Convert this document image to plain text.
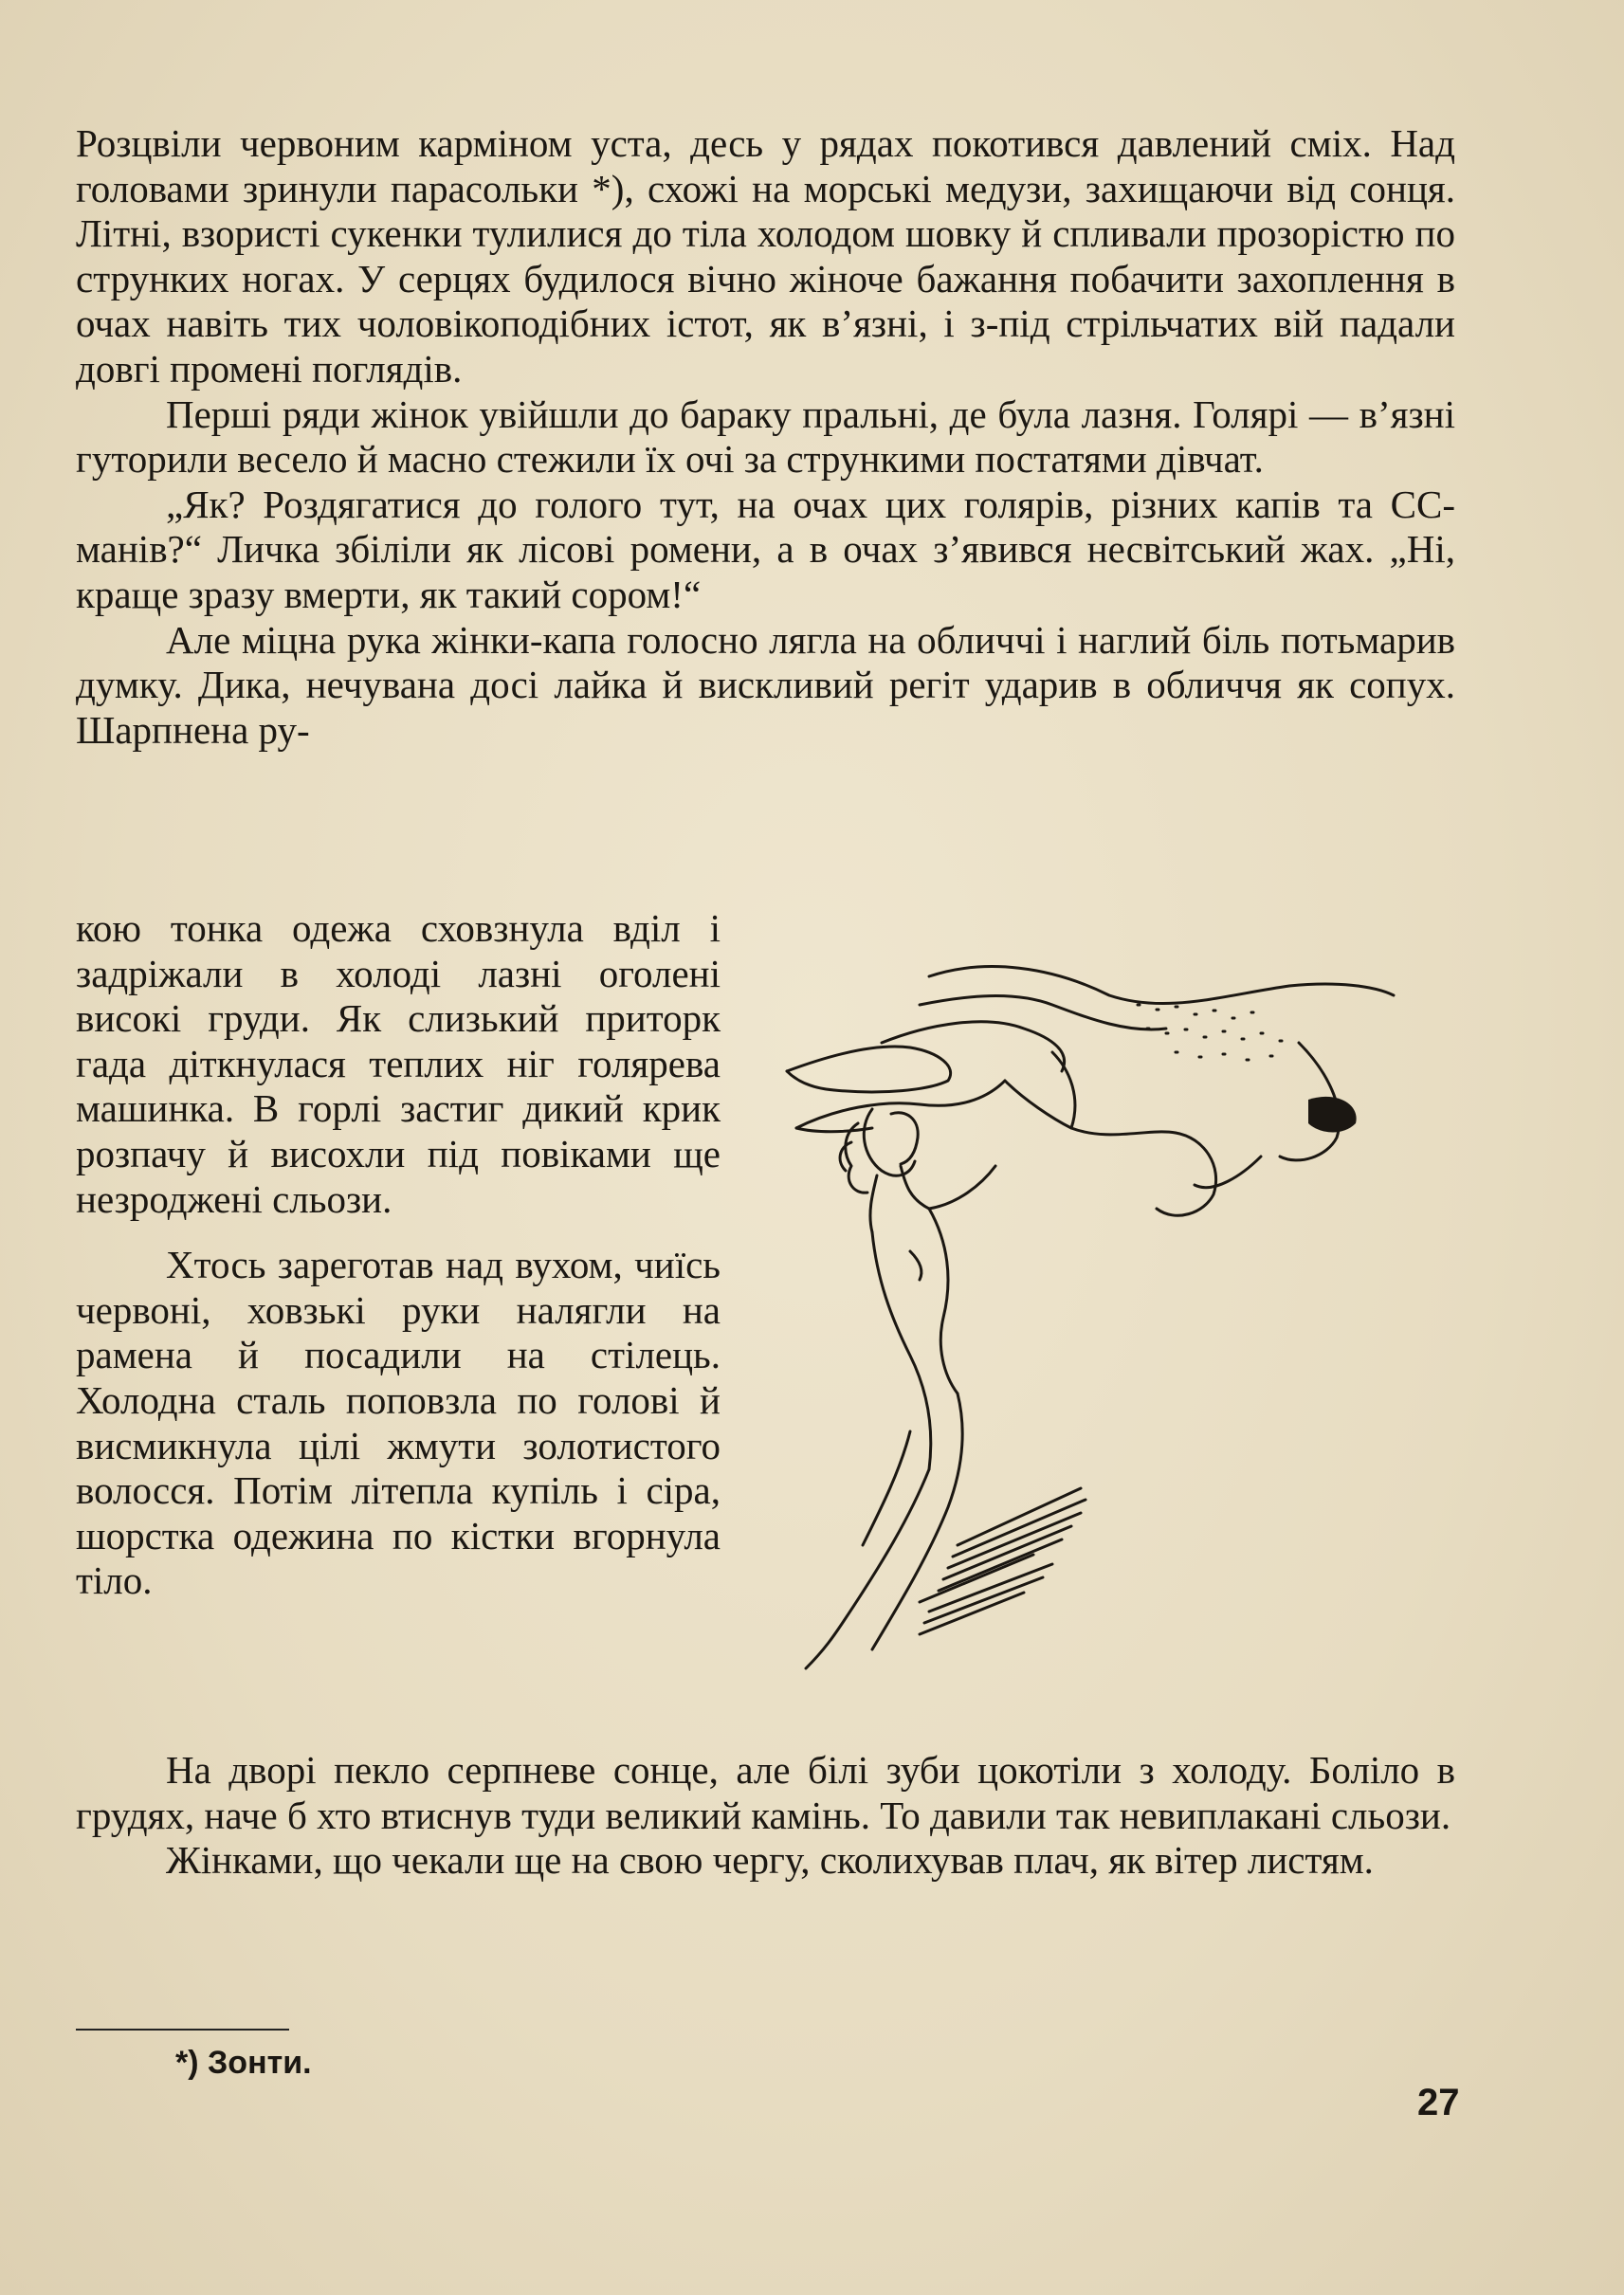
Розцвіли червоним карміном уста, десь у рядах покотився давлений сміх. Над головами зринули парасольки *), схожі на морські медузи, захищаючи від сонця. Літні, взористі сукенки тулилися до тіла холодом шовку й спливали прозорістю по струнких ногах. У серцях будилося вічно жіноче бажання побачити захоплення в очах навіть тих чоловікоподібних істот, як в’язні, і з-під стрільчатих вій падали довгі промені поглядів.

Перші ряди жінок увійшли до бараку пральні, де була лазня. Голярі — в’язні гуторили весело й масно стежили їх очі за стрункими постатями дівчат.

„Як? Роздягатися до голого тут, на очах цих голярів, різних капів та СС-манів?“ Личка збіліли як лісові ромени, а в очах з’явився несвітський жах. „Ні, краще зразу вмерти, як такий сором!“

Але міцна рука жінки-капа голосно лягла на обличчі і наглий біль потьмарив думку. Дика, нечувана досі лайка й вискливий регіт ударив в обличчя як сопух. Шарпнена ру-

кою тонка одежа сховзнула вділ і задріжали в холоді лазні оголені високі груди. Як слизький приторк гада діткнулася теплих ніг голярева машинка. В горлі застиг дикий крик розпачу й висохли під повіками ще незроджені сльози.

Хтось зареготав над вухом, чиїсь червоні, ховзькі руки налягли на рамена й посадили на стілець. Холодна сталь поповзла по голові й висмикнула цілі жмути золотистого волосся. Потім літепла купіль і сіра, шорстка одежина по кістки вгорнула тіло.

На дворі пекло серпневе сонце, але білі зуби цокотіли з холоду. Боліло в грудях, наче б хто втиснув туди великий камінь. То давили так невиплакані сльози.

Жінками, що чекали ще на свою чергу, сколихував плач, як вітер листям.

*) Зонти.
27
